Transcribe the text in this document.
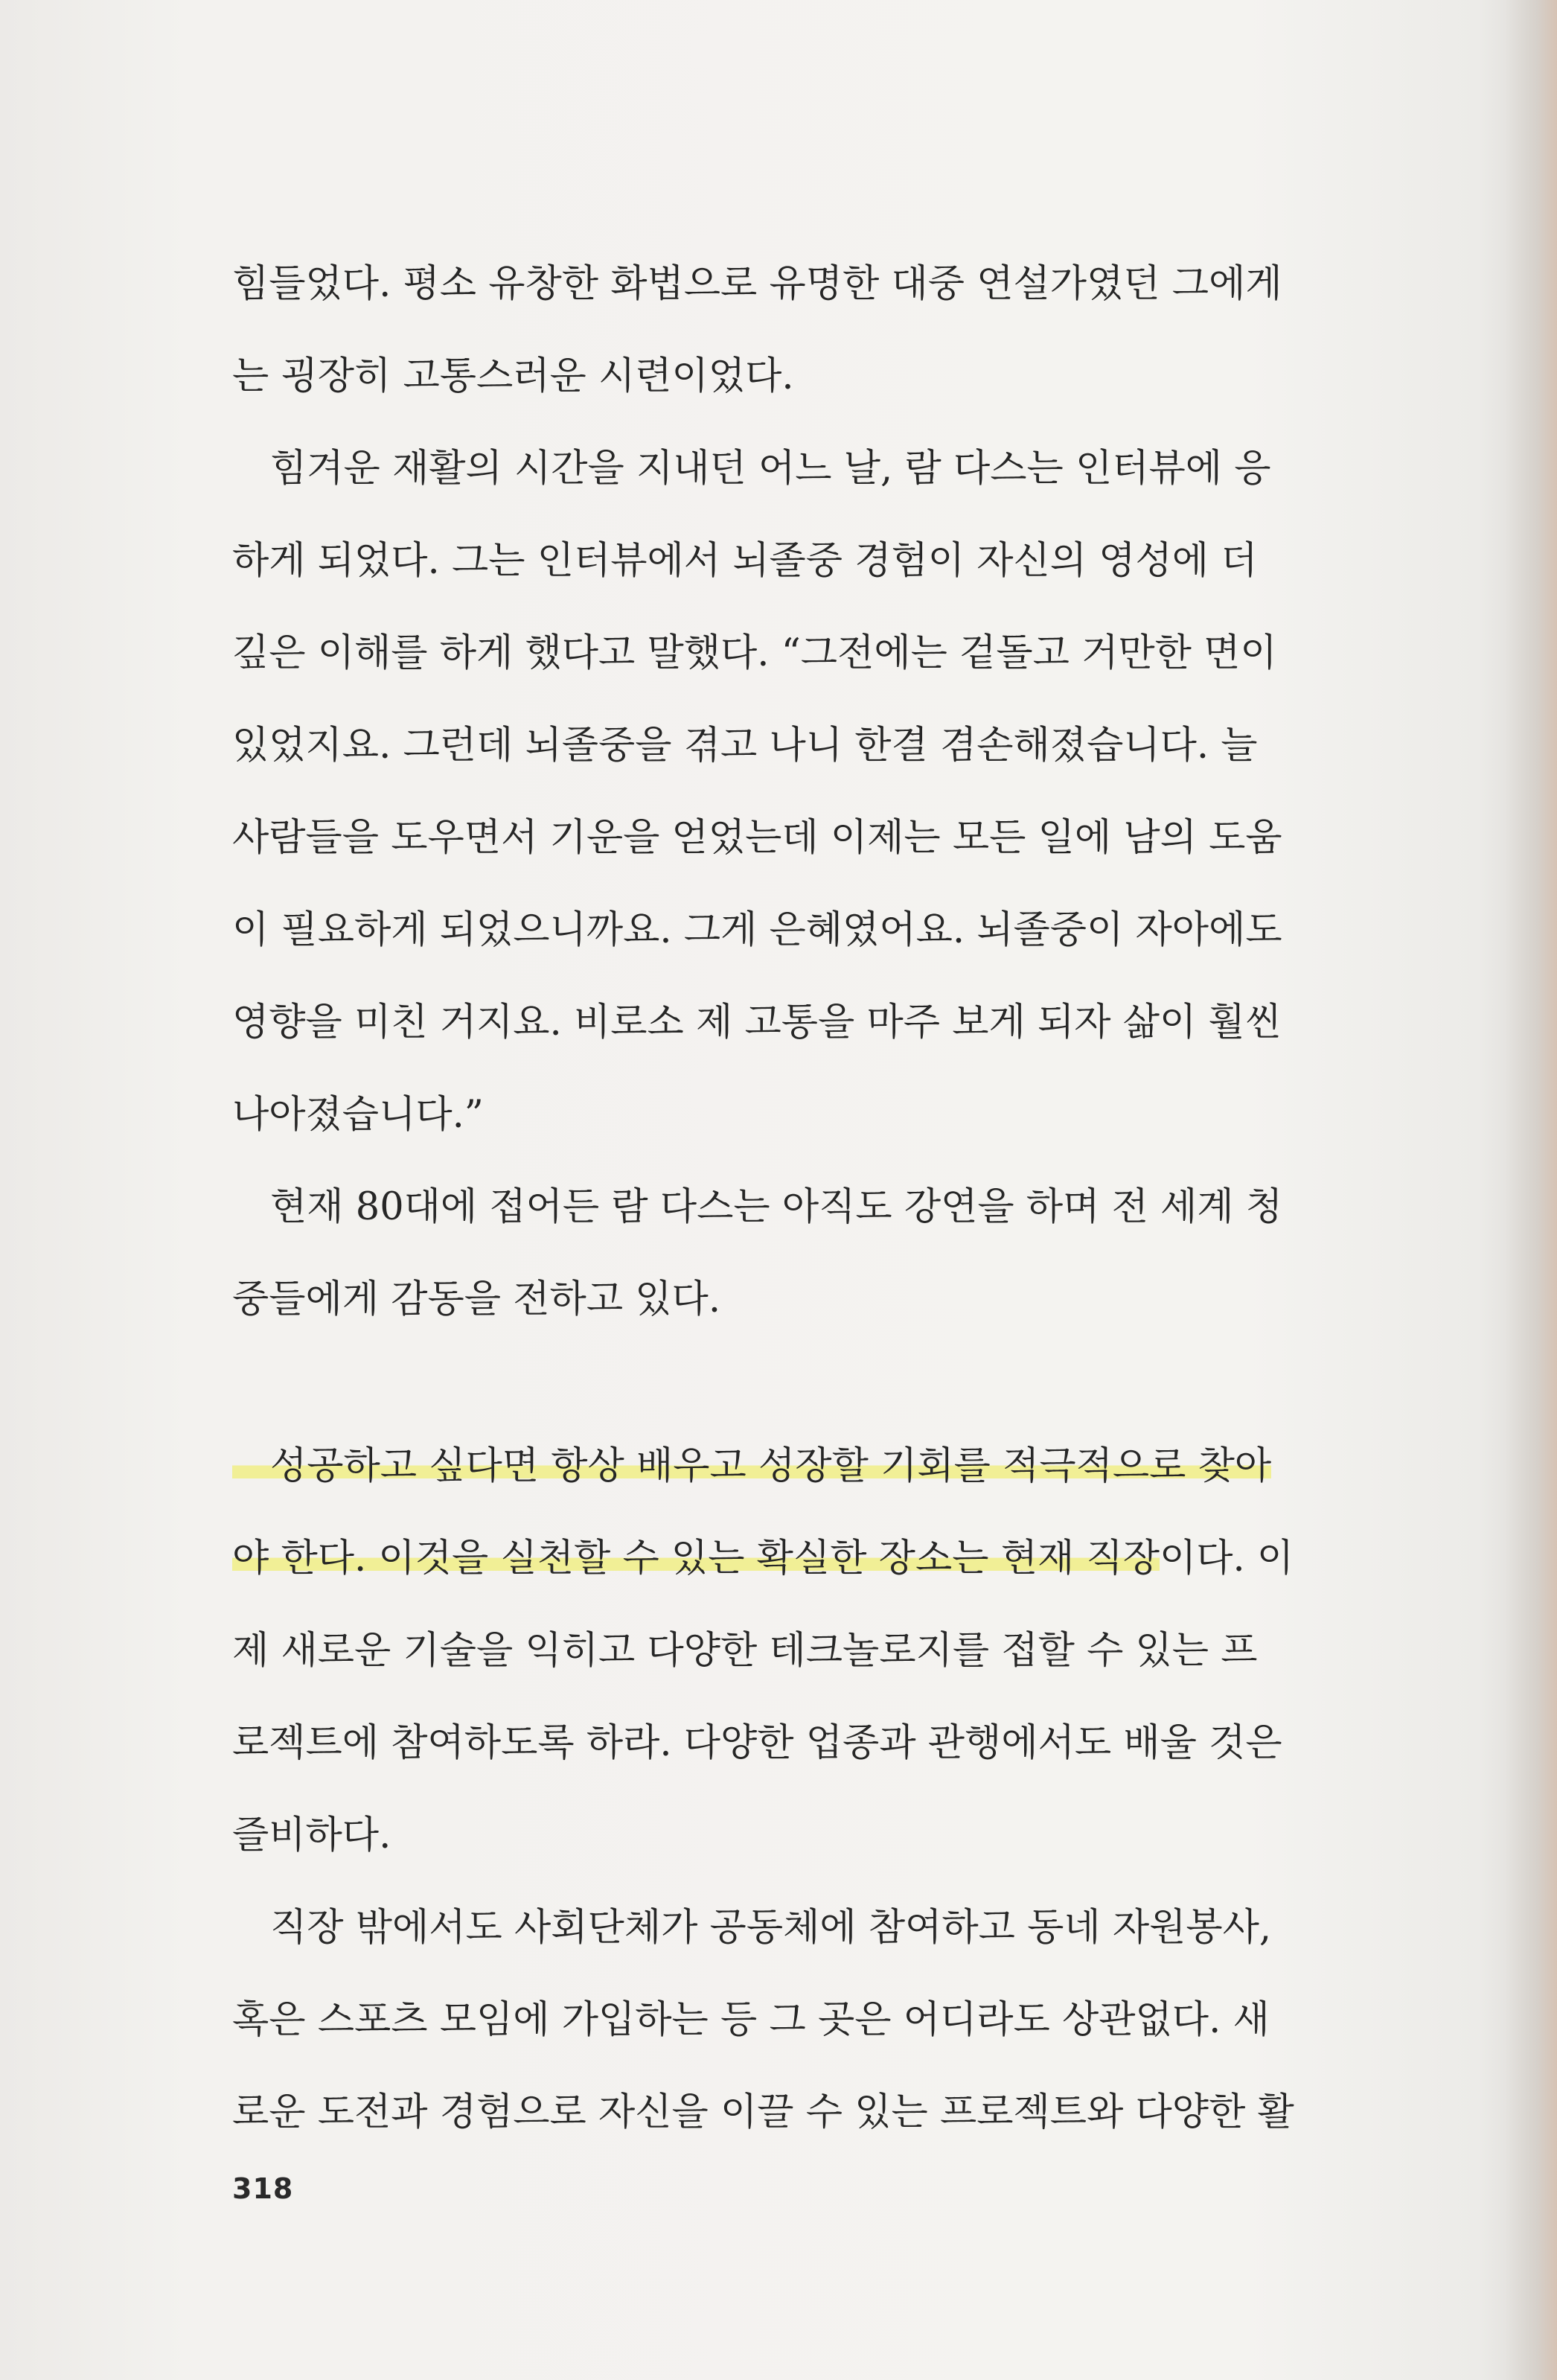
힘들었다. 평소 유창한 화법으로 유명한 대중 연설가였던 그에게
는 굉장히 고통스러운 시련이었다.
　힘겨운 재활의 시간을 지내던 어느 날, 람 다스는 인터뷰에 응
하게 되었다. 그는 인터뷰에서 뇌졸중 경험이 자신의 영성에 더
깊은 이해를 하게 했다고 말했다. “그전에는 겉돌고 거만한 면이
있었지요. 그런데 뇌졸중을 겪고 나니 한결 겸손해졌습니다. 늘
사람들을 도우면서 기운을 얻었는데 이제는 모든 일에 남의 도움
이 필요하게 되었으니까요. 그게 은혜였어요. 뇌졸중이 자아에도
영향을 미친 거지요. 비로소 제 고통을 마주 보게 되자 삶이 훨씬
나아졌습니다.”
　현재 80대에 접어든 람 다스는 아직도 강연을 하며 전 세계 청
중들에게 감동을 전하고 있다.
　성공하고 싶다면 항상 배우고 성장할 기회를 적극적으로 찾아
야 한다. 이것을 실천할 수 있는 확실한 장소는 현재 직장이다. 이
제 새로운 기술을 익히고 다양한 테크놀로지를 접할 수 있는 프
로젝트에 참여하도록 하라. 다양한 업종과 관행에서도 배울 것은
즐비하다.
　직장 밖에서도 사회단체가 공동체에 참여하고 동네 자원봉사,
혹은 스포츠 모임에 가입하는 등 그 곳은 어디라도 상관없다. 새
로운 도전과 경험으로 자신을 이끌 수 있는 프로젝트와 다양한 활
318
